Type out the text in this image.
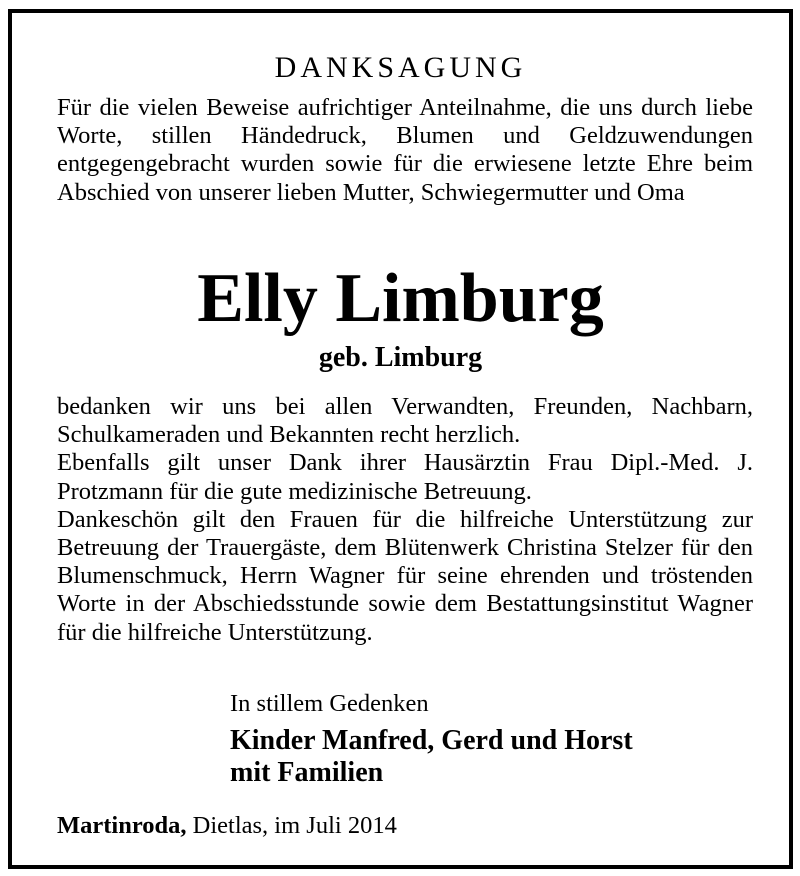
DANKSAGUNG
Für die vielen Beweise aufrichtiger Anteilnahme, die uns durch liebe Worte, stillen Händedruck, Blumen und Geldzuwendungen entgegengebracht wurden sowie für die erwiesene letzte Ehre beim Abschied von unserer lieben Mutter, Schwiegermutter und Oma
Elly Limburg
geb. Limburg
bedanken wir uns bei allen Verwandten, Freunden, Nachbarn, Schulkameraden und Bekannten recht herzlich.
Ebenfalls gilt unser Dank ihrer Hausärztin Frau Dipl.-Med. J. Protzmann für die gute medizinische Betreuung.
Dankeschön gilt den Frauen für die hilfreiche Unterstützung zur Betreuung der Trauergäste, dem Blütenwerk Christina Stelzer für den Blumenschmuck, Herrn Wagner für seine ehrenden und tröstenden Worte in der Abschiedsstunde sowie dem Bestattungsinstitut Wagner für die hilfreiche Unterstützung.
In stillem Gedenken
Kinder Manfred, Gerd und Horst
mit Familien
Martinroda, Dietlas, im Juli 2014
